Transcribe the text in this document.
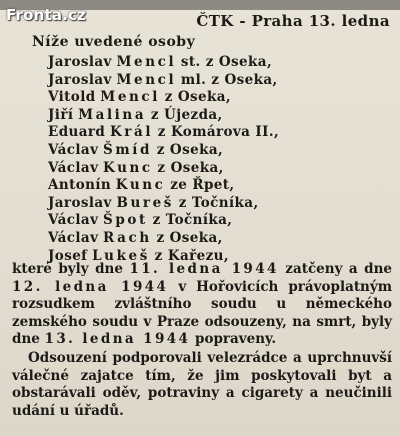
Fronta.cz	ČTK - Praha 13. ledna
Níže uvedené osoby
Jaroslav Mencl st. z Oseka,
Jaroslav Mencl ml. z Oseka,
Vitold Mencl z Oseka,
Jiří Malina z Újezda,
Eduard Král z Komárova II.,
Václav Šmíd z Oseka,
Václav Kunc z Oseka,
Antonín Kunc ze Řpet,
Jaroslav Bureš z Točníka,
Václav Špot z Točníka,
Václav Rach z Oseka,
Josef Lukeš z Kařezu,

které byly dne 11. ledna 1944 zatčeny a dne 12. ledna 1944 v Hořovicích právoplatným rozsudkem zvláštního soudu u německého zemského soudu v Praze odsouzeny, na smrt, byly dne 13. ledna 1944 popraveny.

Odsouzení podporovali velezrádce a uprchnuvší válečné zajatce tím, že jim poskytovali byt a obstarávali oděv, potraviny a cigarety a neučinili udání u úřadů.
